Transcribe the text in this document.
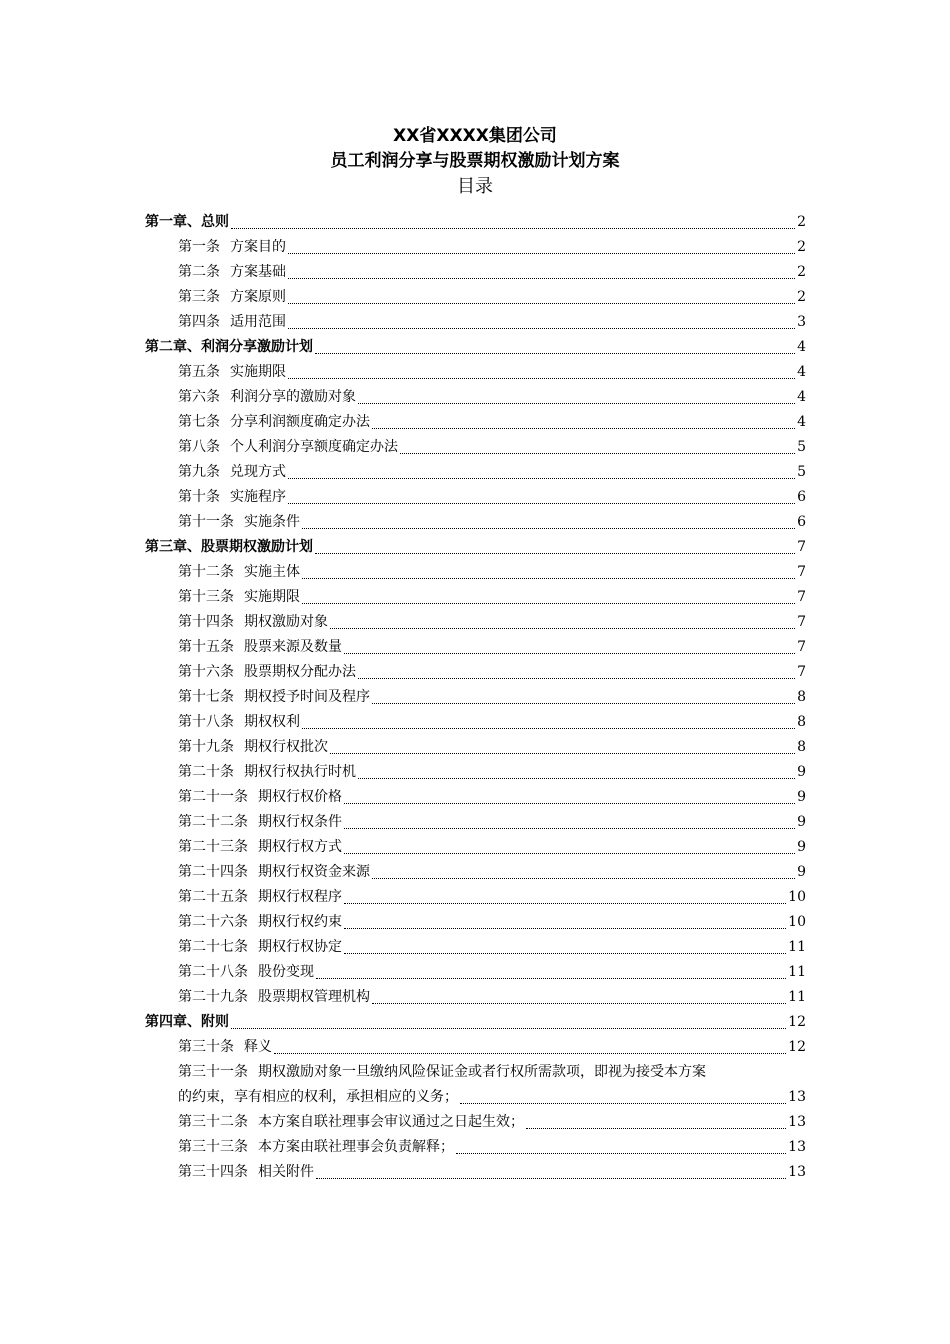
XX省XXXX集团公司

员工利润分享与股票期权激励计划方案

目录

第一章、总则	2
第一条 方案目的	2
第二条 方案基础	2
第三条 方案原则	2
第四条 适用范围	3
第二章、利润分享激励计划	4
第五条 实施期限	4
第六条 利润分享的激励对象	4
第七条 分享利润额度确定办法	4
第八条 个人利润分享额度确定办法	5
第九条 兑现方式	5
第十条 实施程序	6
第十一条 实施条件	6
第三章、股票期权激励计划	7
第十二条 实施主体	7
第十三条 实施期限	7
第十四条 期权激励对象	7
第十五条 股票来源及数量	7
第十六条 股票期权分配办法	7
第十七条 期权授予时间及程序	8
第十八条 期权权利	8
第十九条 期权行权批次	8
第二十条 期权行权执行时机	9
第二十一条 期权行权价格	9
第二十二条 期权行权条件	9
第二十三条 期权行权方式	9
第二十四条 期权行权资金来源	9
第二十五条 期权行权程序	10
第二十六条 期权行权约束	10
第二十七条 期权行权协定	11
第二十八条 股份变现	11
第二十九条 股票期权管理机构	11
第四章、附则	12
第三十条 释义	12
第三十一条 期权激励对象一旦缴纳风险保证金或者行权所需款项，即视为接受本方案
的约束，享有相应的权利，承担相应的义务；	13
第三十二条 本方案自联社理事会审议通过之日起生效；	13
第三十三条 本方案由联社理事会负责解释；	13
第三十四条 相关附件	13
